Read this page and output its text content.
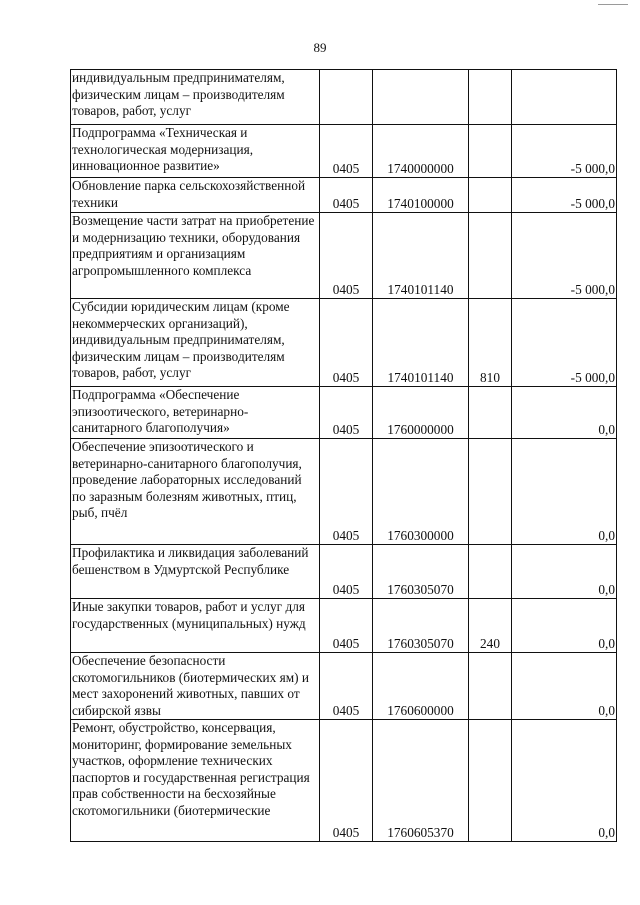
89
индивидуальным предпринимателям, физическим лицам – производителям товаров, работ, услуг				
Подпрограмма «Техническая и технологическая модернизация, инновационное развитие»	0405	1740000000		-5 000,0
Обновление парка сельскохозяйственной техники	0405	1740100000		-5 000,0
Возмещение части затрат на приобретение и модернизацию техники, оборудования предприятиям и организациям агропромышленного комплекса	0405	1740101140		-5 000,0
Субсидии юридическим лицам (кроме некоммерческих организаций), индивидуальным предпринимателям, физическим лицам – производителям товаров, работ, услуг	0405	1740101140	810	-5 000,0
Подпрограмма «Обеспечение эпизоотического, ветеринарно-санитарного благополучия»	0405	1760000000		0,0
Обеспечение эпизоотического и ветеринарно-санитарного благополучия, проведение лабораторных исследований по заразным болезням животных, птиц, рыб, пчёл	0405	1760300000		0,0
Профилактика и ликвидация заболеваний бешенством в Удмуртской Республике	0405	1760305070		0,0
Иные закупки товаров, работ и услуг для государственных (муниципальных) нужд	0405	1760305070	240	0,0
Обеспечение безопасности скотомогильников (биотермических ям) и мест захоронений животных, павших от сибирской язвы	0405	1760600000		0,0
Ремонт, обустройство, консервация, мониторинг, формирование земельных участков, оформление технических паспортов и государственная регистрация прав собственности на бесхозяйные скотомогильники (биотермические	0405	1760605370		0,0
